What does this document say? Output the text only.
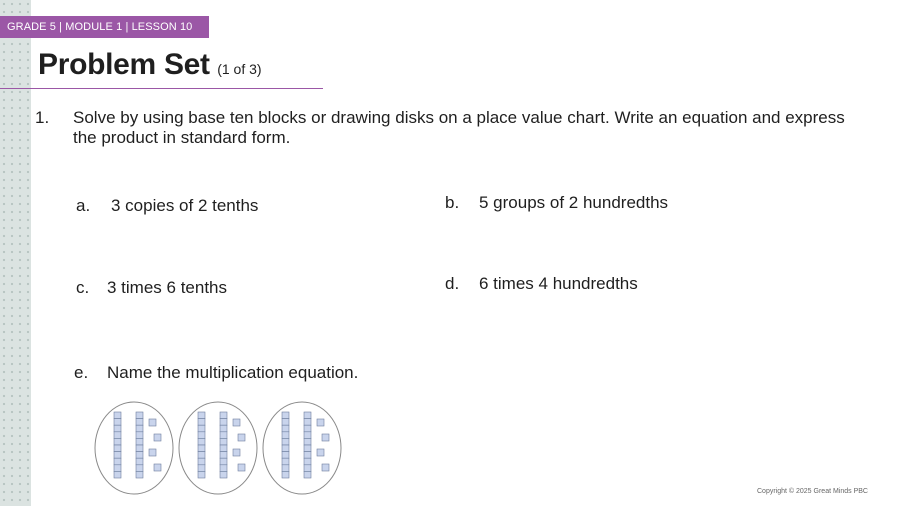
GRADE 5 | MODULE 1 | LESSON 10
Problem Set (1 of 3)
1. Solve by using base ten blocks or drawing disks on a place value chart. Write an equation and express the product in standard form.
a. 3 copies of 2 tenths	b. 5 groups of 2 hundredths
c. 3 times 6 tenths	d. 6 times 4 hundredths
e. Name the multiplication equation.
Copyright © 2025 Great Minds PBC
